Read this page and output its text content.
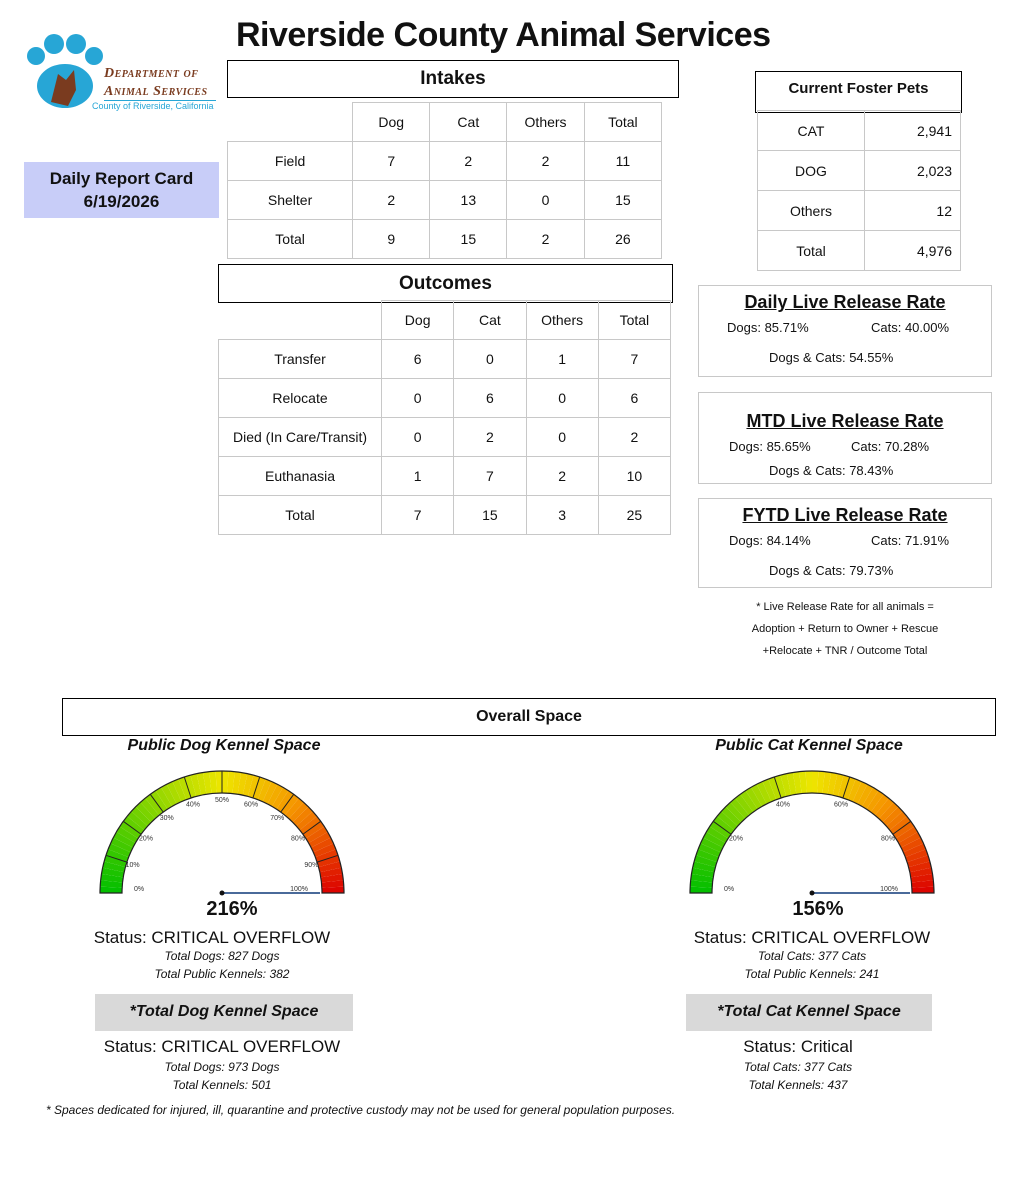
Riverside County Animal Services
Department of
Animal Services
County of Riverside, California
Daily Report Card
6/19/2026
Intakes
	Dog	Cat	Others	Total
Field	7	2	2	11
Shelter	2	13	0	15
Total	9	15	2	26
Outcomes
	Dog	Cat	Others	Total
Transfer	6	0	1	7
Relocate	0	6	0	6
Died (In Care/Transit)	0	2	0	2
Euthanasia	1	7	2	10
Total	7	15	3	25
Current Foster Pets
CAT	2,941
DOG	2,023
Others	12
Total	4,976
Daily Live Release Rate
Dogs: 85.71%	Cats: 40.00%
Dogs & Cats: 54.55%
MTD Live Release Rate
Dogs: 85.65%	Cats: 70.28%
Dogs & Cats: 78.43%
FYTD Live Release Rate
Dogs: 84.14%	Cats: 71.91%
Dogs & Cats: 79.73%
* Live Release Rate for all animals =
Adoption + Return to Owner + Rescue
+Relocate + TNR / Outcome Total
Overall Space
Public Dog Kennel Space
0%
10%
20%
30%
40%
50%
60%
70%
80%
90%
100%
216%
Status: CRITICAL OVERFLOW
Total Dogs: 827 Dogs
Total Public Kennels: 382
*Total Dog Kennel Space
Status: CRITICAL OVERFLOW
Total Dogs: 973 Dogs
Total Kennels: 501
Public Cat Kennel Space
0%
20%
40%	60%
80%
100%
156%
Status: CRITICAL OVERFLOW
Total Cats: 377 Cats
Total Public Kennels: 241
*Total Cat Kennel Space
Status: Critical
Total Cats: 377 Cats
Total Kennels: 437
* Spaces dedicated for injured, ill, quarantine and protective custody may not be used for general population purposes.
